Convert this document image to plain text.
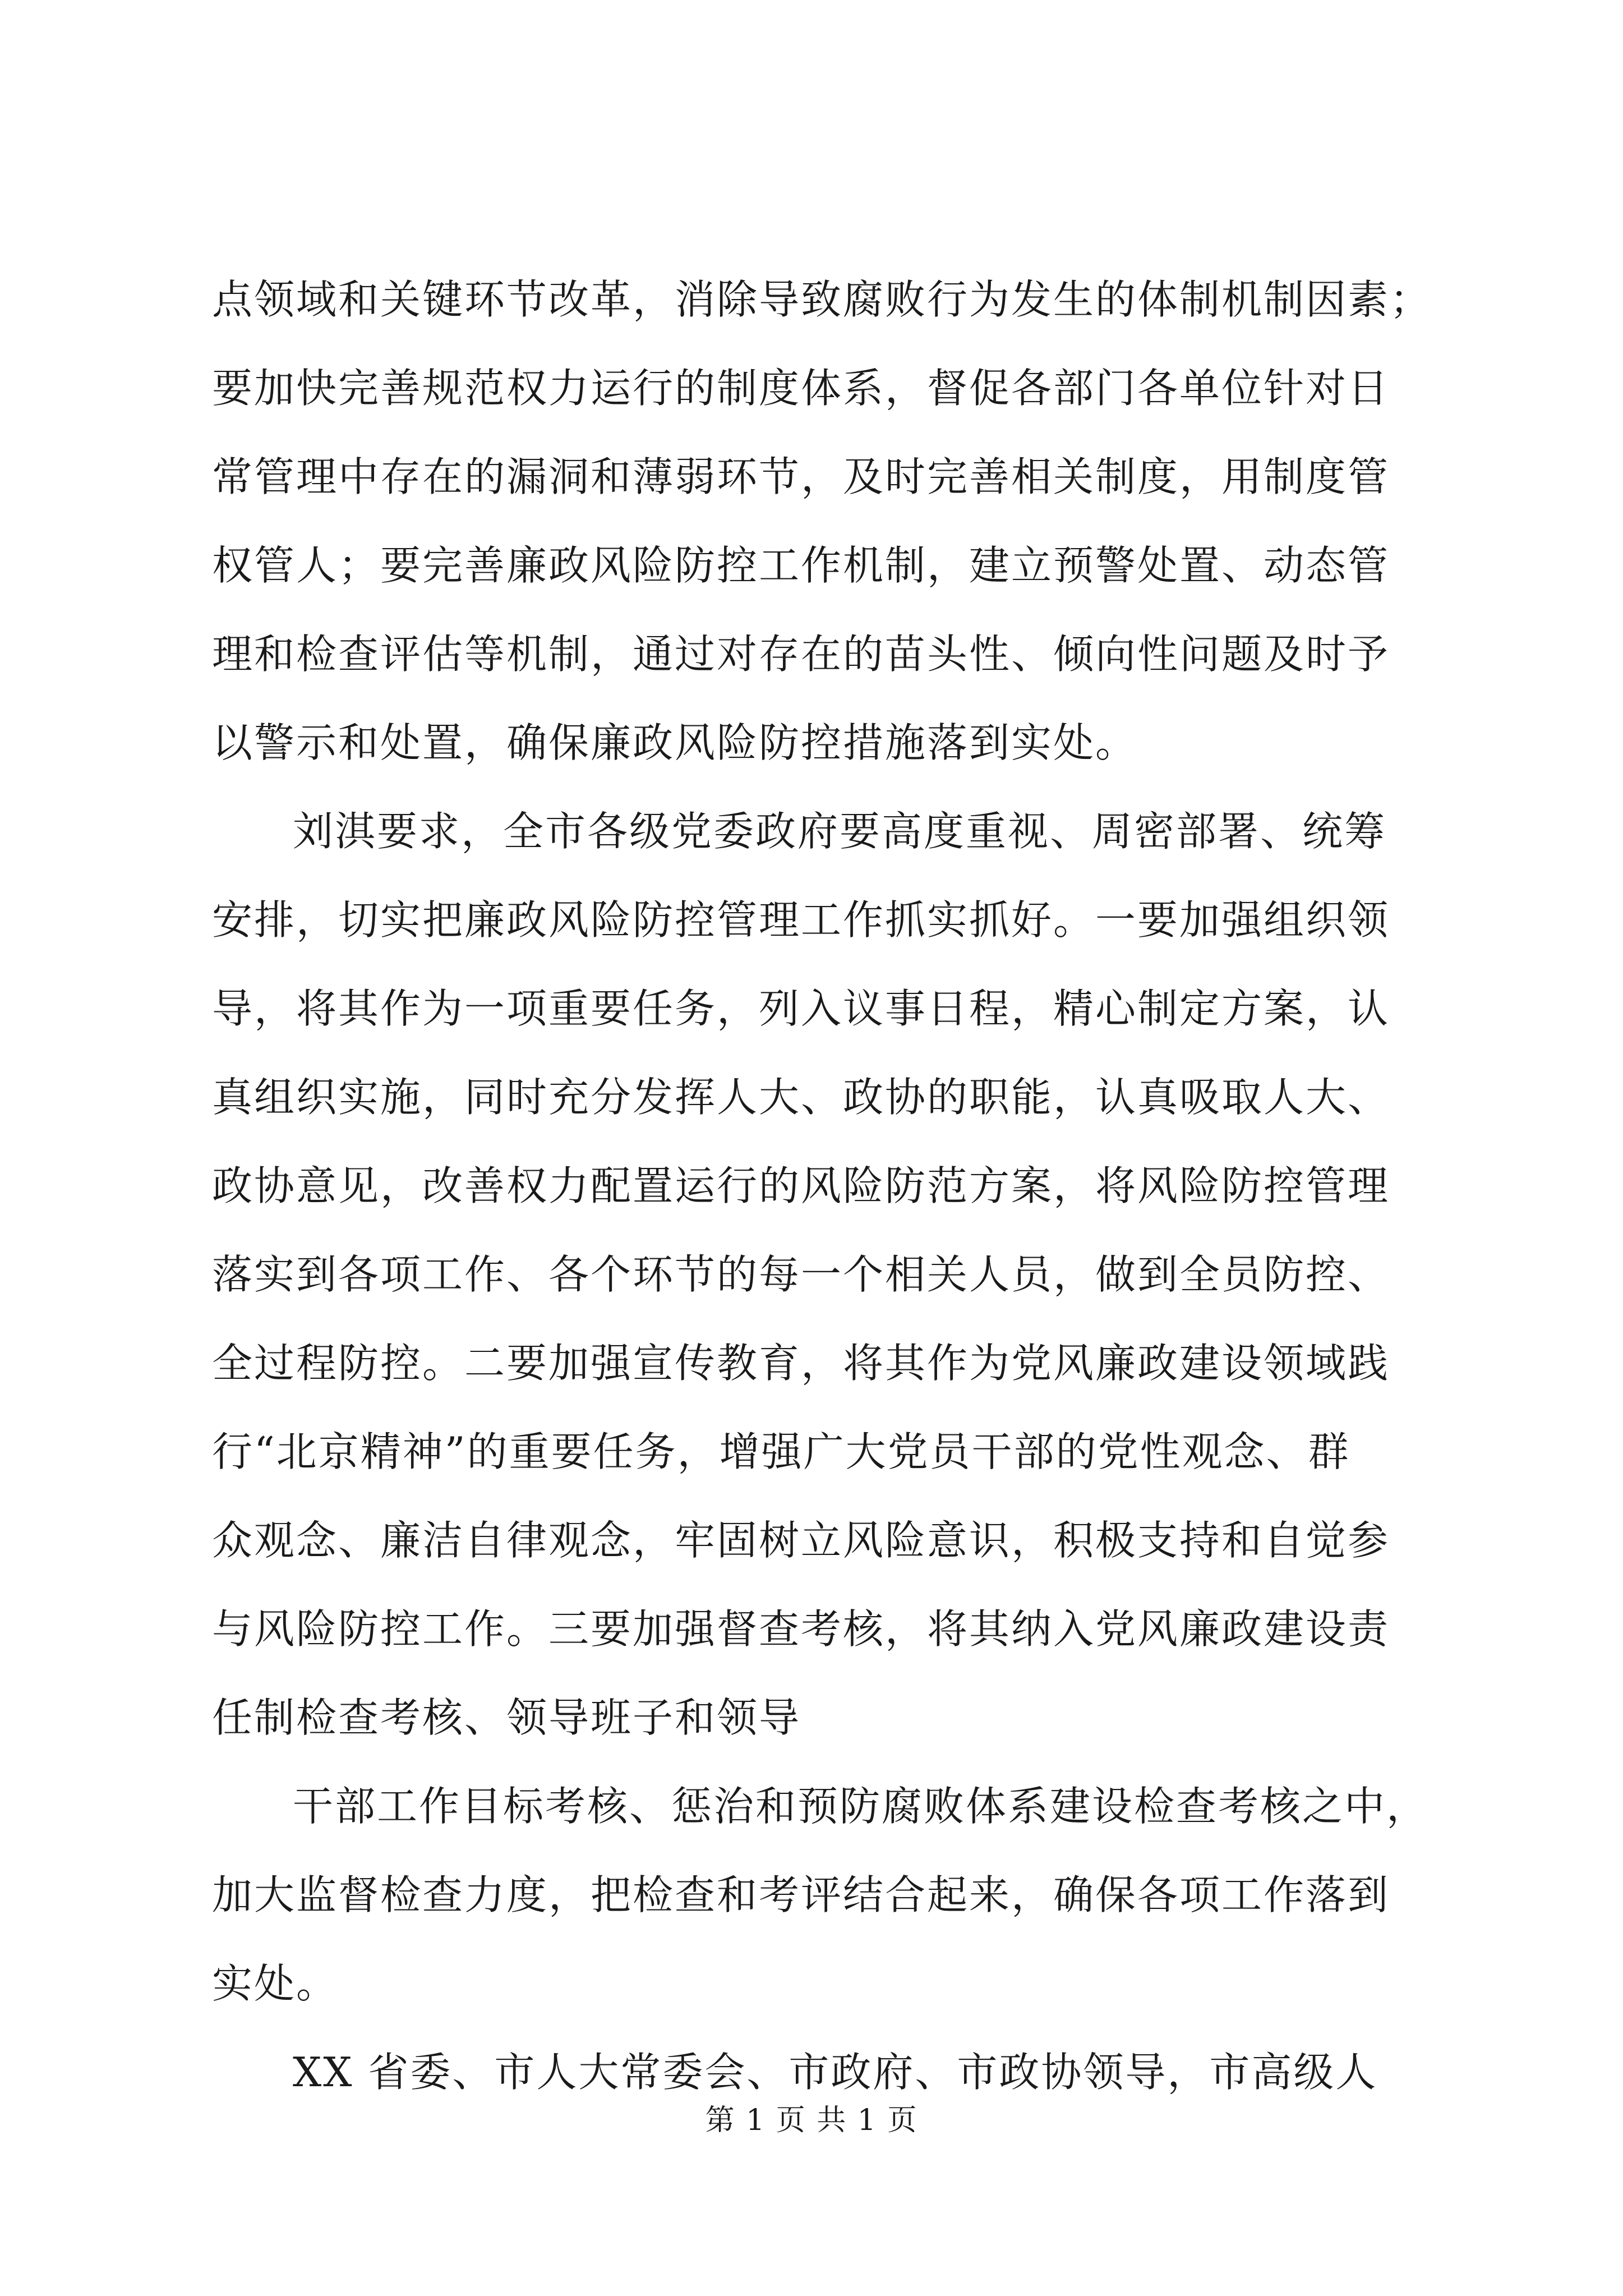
点领域和关键环节改革，消除导致腐败行为发生的体制机制因素；
要加快完善规范权力运行的制度体系，督促各部门各单位针对日
常管理中存在的漏洞和薄弱环节，及时完善相关制度，用制度管
权管人；要完善廉政风险防控工作机制，建立预警处置、动态管
理和检查评估等机制，通过对存在的苗头性、倾向性问题及时予
以警示和处置，确保廉政风险防控措施落到实处。
刘淇要求，全市各级党委政府要高度重视、周密部署、统筹
安排，切实把廉政风险防控管理工作抓实抓好。一要加强组织领
导，将其作为一项重要任务，列入议事日程，精心制定方案，认
真组织实施，同时充分发挥人大、政协的职能，认真吸取人大、
政协意见，改善权力配置运行的风险防范方案，将风险防控管理
落实到各项工作、各个环节的每一个相关人员，做到全员防控、
全过程防控。二要加强宣传教育，将其作为党风廉政建设领域践
行“北京精神”的重要任务，增强广大党员干部的党性观念、群
众观念、廉洁自律观念，牢固树立风险意识，积极支持和自觉参
与风险防控工作。三要加强督查考核，将其纳入党风廉政建设责
任制检查考核、领导班子和领导
干部工作目标考核、惩治和预防腐败体系建设检查考核之中，
加大监督检查力度，把检查和考评结合起来，确保各项工作落到
实处。
XX 省委、市人大常委会、市政府、市政协领导，市高级人
第 1 页 共 1 页
